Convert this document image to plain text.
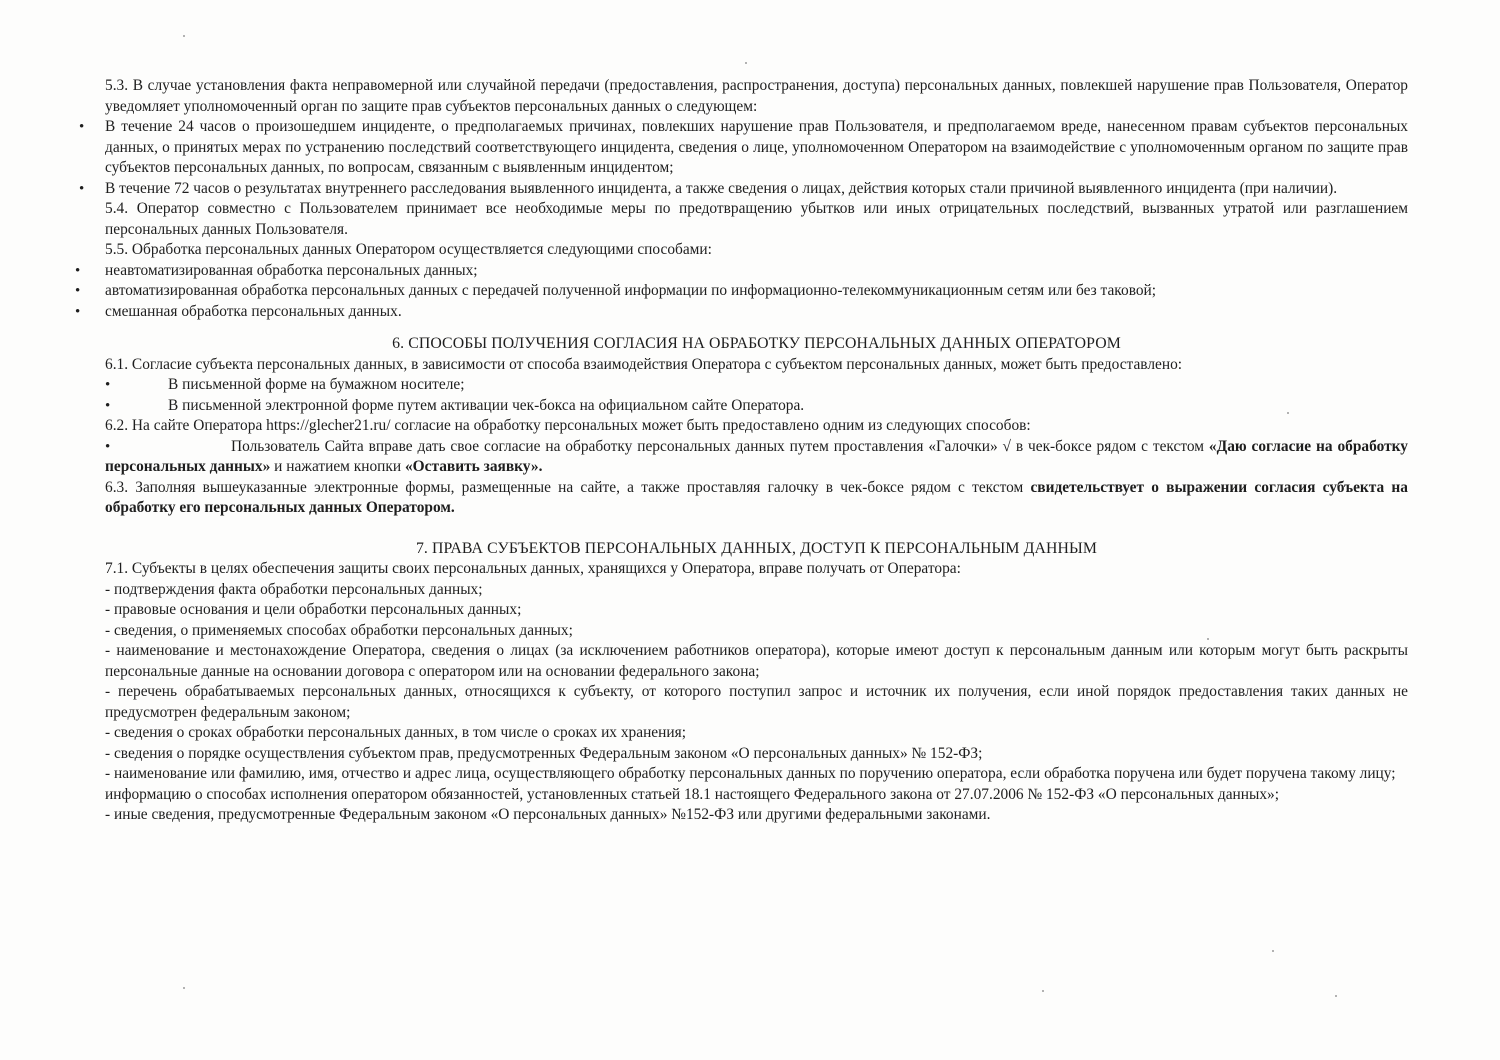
5.3. В случае установления факта неправомерной или случайной передачи (предоставления, распространения, доступа) персональных данных, повлекшей нарушение прав Пользователя, Оператор уведомляет уполномоченный орган по защите прав субъектов персональных данных о следующем:

• В течение 24 часов о произошедшем инциденте, о предполагаемых причинах, повлекших нарушение прав Пользователя, и предполагаемом вреде, нанесенном правам субъектов персональных данных, о принятых мерах по устранению последствий соответствующего инцидента, сведения о лице, уполномоченном Оператором на взаимодействие с уполномоченным органом по защите прав субъектов персональных данных, по вопросам, связанным с выявленным инцидентом;

• В течение 72 часов о результатах внутреннего расследования выявленного инцидента, а также сведения о лицах, действия которых стали причиной выявленного инцидента (при наличии).

5.4. Оператор совместно с Пользователем принимает все необходимые меры по предотвращению убытков или иных отрицательных последствий, вызванных утратой или разглашением персональных данных Пользователя.

5.5. Обработка персональных данных Оператором осуществляется следующими способами:

• неавтоматизированная обработка персональных данных;

• автоматизированная обработка персональных данных с передачей полученной информации по информационно-телекоммуникационным сетям или без таковой;

• смешанная обработка персональных данных.

6. СПОСОБЫ ПОЛУЧЕНИЯ СОГЛАСИЯ НА ОБРАБОТКУ ПЕРСОНАЛЬНЫХ ДАННЫХ ОПЕРАТОРОМ

6.1. Согласие субъекта персональных данных, в зависимости от способа взаимодействия Оператора с субъектом персональных данных, может быть предоставлено:

•	В письменной форме на бумажном носителе;

•	В письменной электронной форме путем активации чек-бокса на официальном сайте Оператора.

6.2. На сайте Оператора https://glecher21.ru/ согласие на обработку персональных может быть предоставлено одним из следующих способов:

•	Пользователь Сайта вправе дать свое согласие на обработку персональных данных путем проставления «Галочки» √ в чек-боксе рядом с текстом «Даю согласие на обработку персональных данных» и нажатием кнопки «Оставить заявку».

6.3. Заполняя вышеуказанные электронные формы, размещенные на сайте, а также проставляя галочку в чек-боксе рядом с текстом свидетельствует о выражении согласия субъекта на обработку его персональных данных Оператором.

7. ПРАВА СУБЪЕКТОВ ПЕРСОНАЛЬНЫХ ДАННЫХ, ДОСТУП К ПЕРСОНАЛЬНЫМ ДАННЫМ

7.1. Субъекты в целях обеспечения защиты своих персональных данных, хранящихся у Оператора, вправе получать от Оператора:

- подтверждения факта обработки персональных данных;

- правовые основания и цели обработки персональных данных;

- сведения, о применяемых способах обработки персональных данных;

- наименование и местонахождение Оператора, сведения о лицах (за исключением работников оператора), которые имеют доступ к персональным данным или которым могут быть раскрыты персональные данные на основании договора с оператором или на основании федерального закона;

- перечень обрабатываемых персональных данных, относящихся к субъекту, от которого поступил запрос и источник их получения, если иной порядок предоставления таких данных не предусмотрен федеральным законом;

- сведения о сроках обработки персональных данных, в том числе о сроках их хранения;

- сведения о порядке осуществления субъектом прав, предусмотренных Федеральным законом «О персональных данных» № 152-ФЗ;

- наименование или фамилию, имя, отчество и адрес лица, осуществляющего обработку персональных данных по поручению оператора, если обработка поручена или будет поручена такому лицу;

информацию о способах исполнения оператором обязанностей, установленных статьей 18.1 настоящего Федерального закона от 27.07.2006 № 152-ФЗ «О персональных данных»;

- иные сведения, предусмотренные Федеральным законом «О персональных данных» №152-ФЗ или другими федеральными законами.
